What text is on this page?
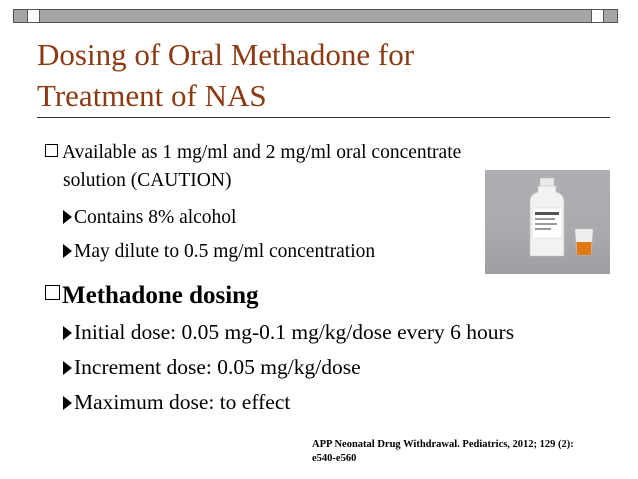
Dosing of Oral Methadone for
Treatment of NAS
Available as 1 mg/ml and 2 mg/ml oral concentrate
solution (CAUTION)
Contains 8% alcohol
May dilute to 0.5 mg/ml concentration
Methadone dosing
Initial dose: 0.05 mg-0.1 mg/kg/dose every 6 hours
Increment dose: 0.05 mg/kg/dose
Maximum dose: to effect
APP Neonatal Drug Withdrawal. Pediatrics, 2012; 129 (2):
e540-e560
